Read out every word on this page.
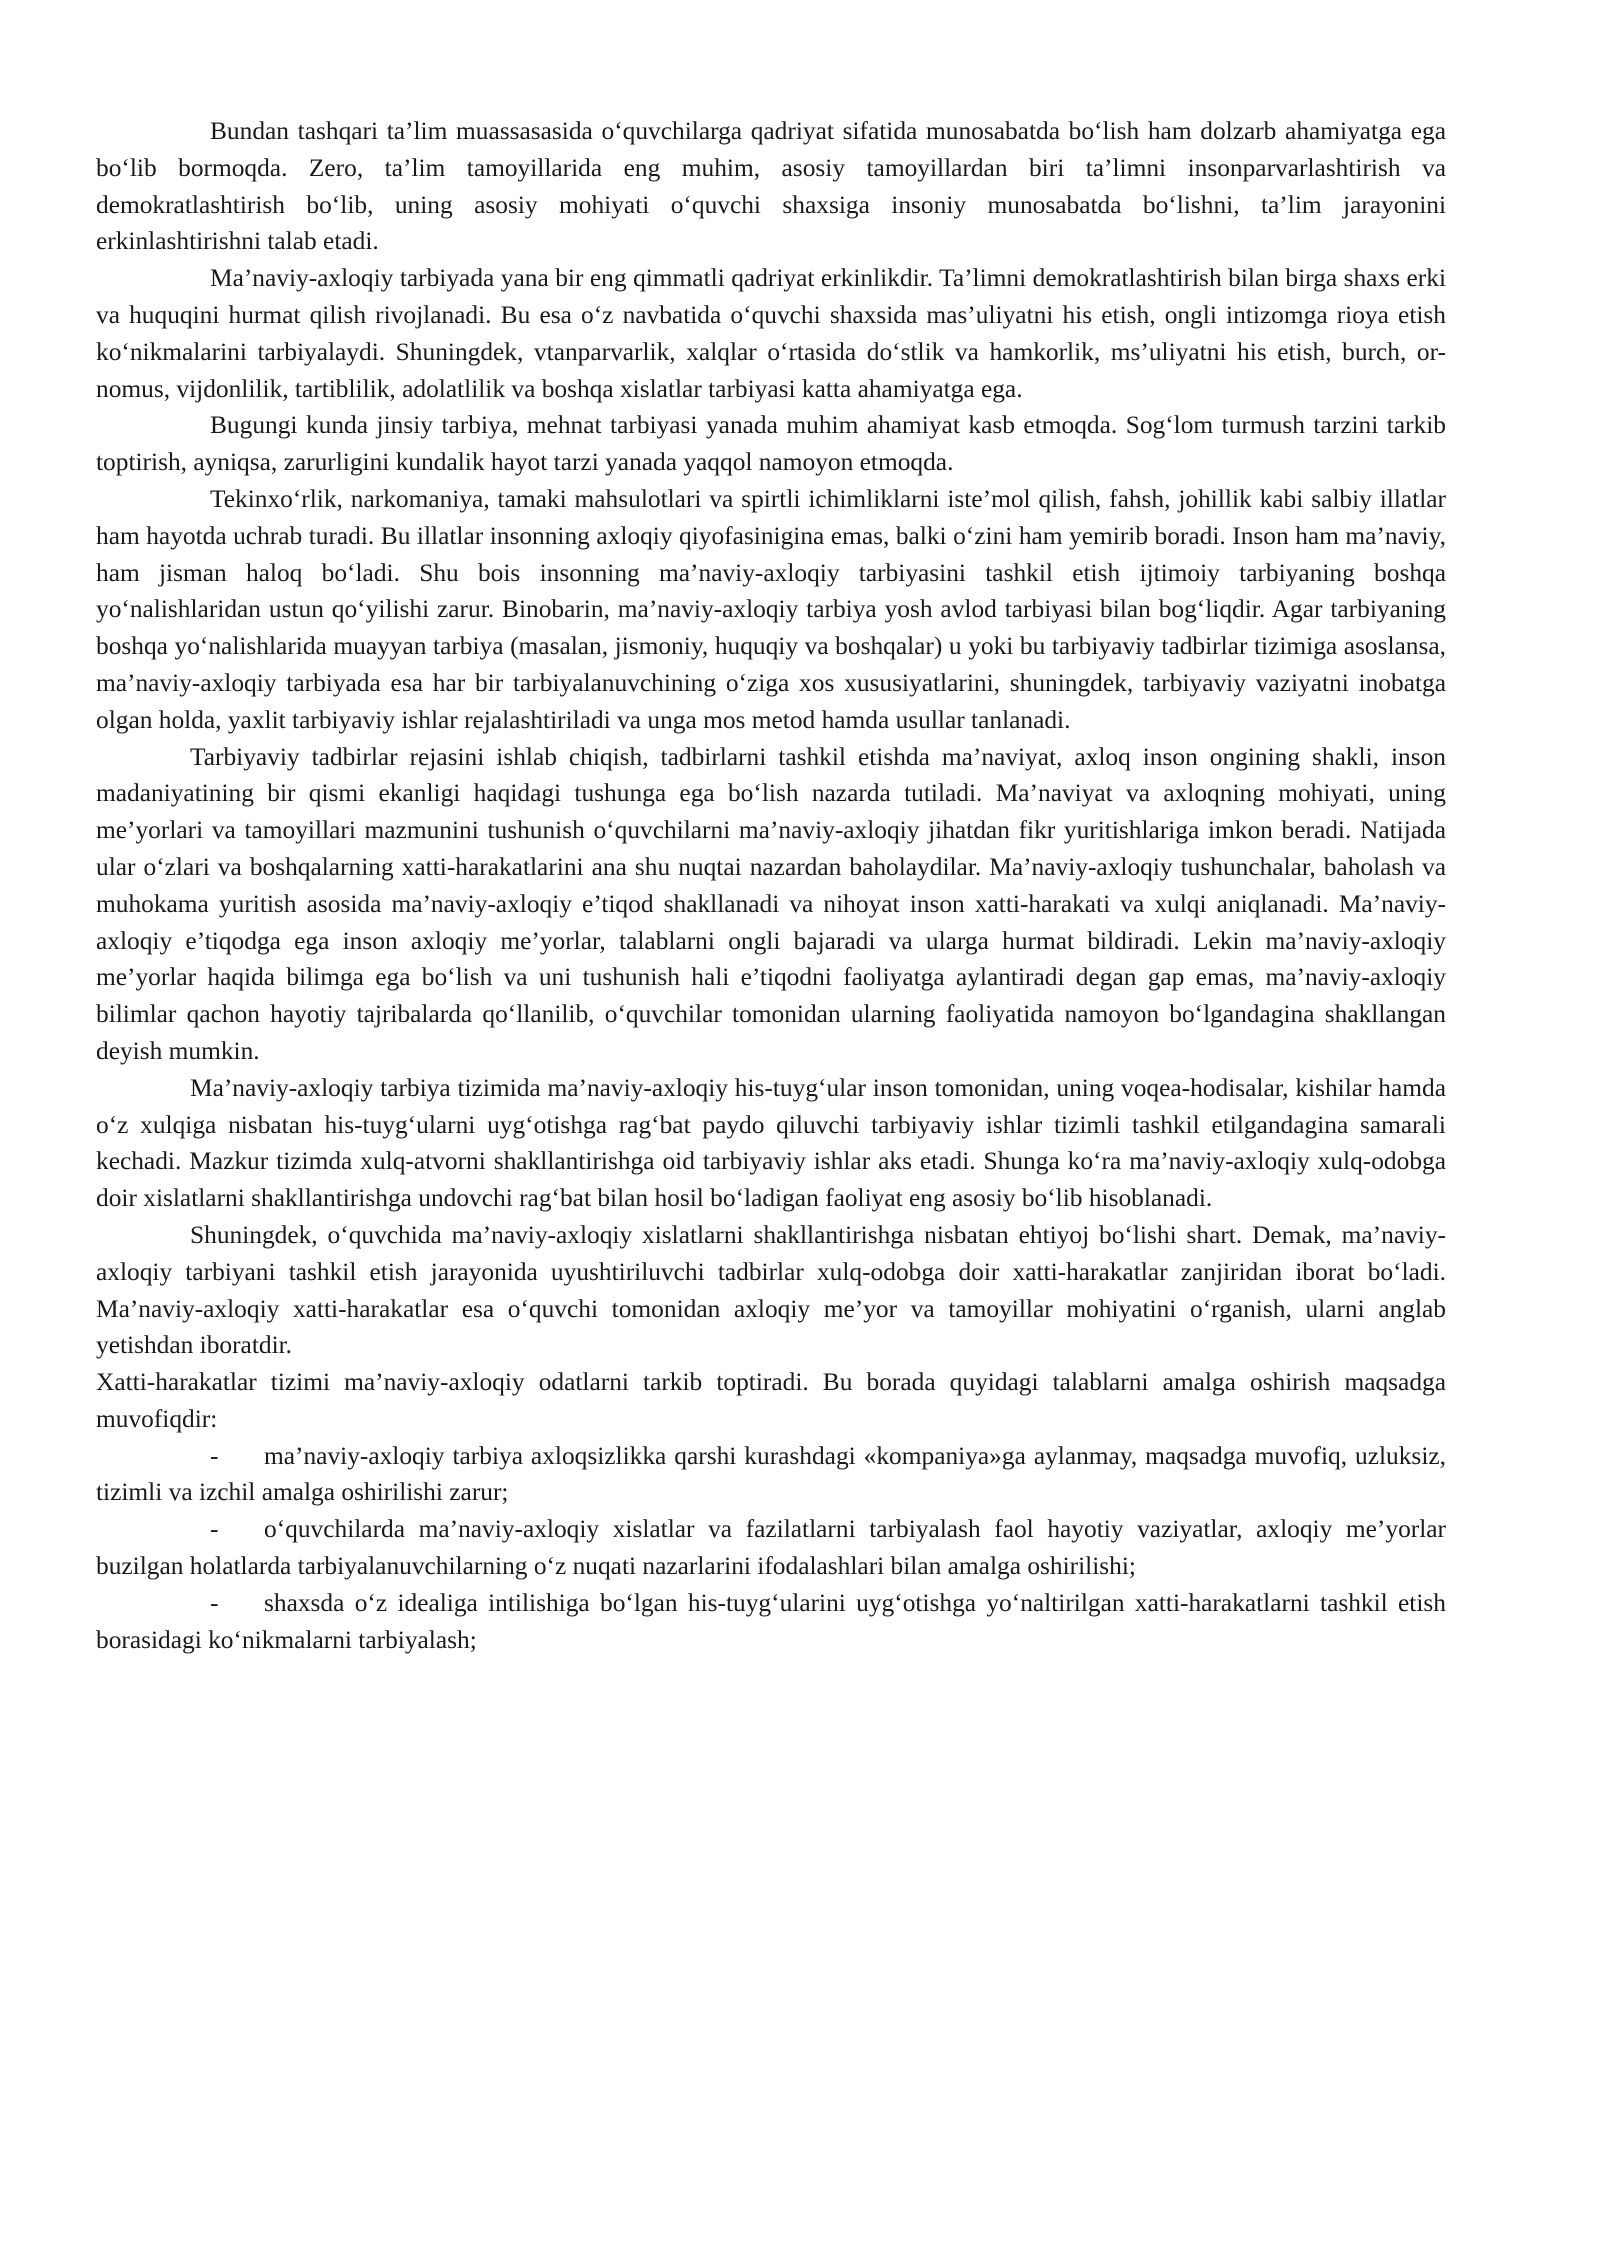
Bundan tashqari ta’lim muassasasida o‘quvchilarga qadriyat sifatida munosabatda bo‘lish ham dolzarb ahamiyatga ega bo‘lib bormoqda. Zero, ta’lim tamoyillarida eng muhim, asosiy tamoyillardan biri ta’limni insonparvarlashtirish va demokratlashtirish bo‘lib, uning asosiy mohiyati o‘quvchi shaxsiga insoniy munosabatda bo‘lishni, ta’lim jarayonini erkinlashtirishni talab etadi.

Ma’naviy-axloqiy tarbiyada yana bir eng qimmatli qadriyat erkinlikdir. Ta’limni demokratlashtirish bilan birga shaxs erki va huquqini hurmat qilish rivojlanadi. Bu esa o‘z navbatida o‘quvchi shaxsida mas’uliyatni his etish, ongli intizomga rioya etish ko‘nikmalarini tarbiyalaydi. Shuningdek, vtanparvarlik, xalqlar o‘rtasida do‘stlik va hamkorlik, ms’uliyatni his etish, burch, or-nomus, vijdonlilik, tartiblilik, adolatlilik va boshqa xislatlar tarbiyasi katta ahamiyatga ega.

Bugungi kunda jinsiy tarbiya, mehnat tarbiyasi yanada muhim ahamiyat kasb etmoqda. Sog‘lom turmush tarzini tarkib toptirish, ayniqsa, zarurligini kundalik hayot tarzi yanada yaqqol namoyon etmoqda.

Tekinxo‘rlik, narkomaniya, tamaki mahsulotlari va spirtli ichimliklarni iste’mol qilish, fahsh, johillik kabi salbiy illatlar ham hayotda uchrab turadi. Bu illatlar insonning axloqiy qiyofasinigina emas, balki o‘zini ham yemirib boradi. Inson ham ma’naviy, ham jisman haloq bo‘ladi. Shu bois insonning ma’naviy-axloqiy tarbiyasini tashkil etish ijtimoiy tarbiyaning boshqa yo‘nalishlaridan ustun qo‘yilishi zarur. Binobarin, ma’naviy-axloqiy tarbiya yosh avlod tarbiyasi bilan bog‘liqdir. Agar tarbiyaning boshqa yo‘nalishlarida muayyan tarbiya (masalan, jismoniy, huquqiy va boshqalar) u yoki bu tarbiyaviy tadbirlar tizimiga asoslansa, ma’naviy-axloqiy tarbiyada esa har bir tarbiyalanuvchining o‘ziga xos xususiyatlarini, shuningdek, tarbiyaviy vaziyatni inobatga olgan holda, yaxlit tarbiyaviy ishlar rejalashtiriladi va unga mos metod hamda usullar tanlanadi.

Tarbiyaviy tadbirlar rejasini ishlab chiqish, tadbirlarni tashkil etishda ma’naviyat, axloq inson ongining shakli, inson madaniyatining bir qismi ekanligi haqidagi tushunga ega bo‘lish nazarda tutiladi. Ma’naviyat va axloqning mohiyati, uning me’yorlari va tamoyillari mazmunini tushunish o‘quvchilarni ma’naviy-axloqiy jihatdan fikr yuritishlariga imkon beradi. Natijada ular o‘zlari va boshqalarning xatti-harakatlarini ana shu nuqtai nazardan baholaydilar. Ma’naviy-axloqiy tushunchalar, baholash va muhokama yuritish asosida ma’naviy-axloqiy e’tiqod shakllanadi va nihoyat inson xatti-harakati va xulqi aniqlanadi. Ma’naviy-axloqiy e’tiqodga ega inson axloqiy me’yorlar, talablarni ongli bajaradi va ularga hurmat bildiradi. Lekin ma’naviy-axloqiy me’yorlar haqida bilimga ega bo‘lish va uni tushunish hali e’tiqodni faoliyatga aylantiradi degan gap emas, ma’naviy-axloqiy bilimlar qachon hayotiy tajribalarda qo‘llanilib, o‘quvchilar tomonidan ularning faoliyatida namoyon bo‘lgandagina shakllangan deyish mumkin.

Ma’naviy-axloqiy tarbiya tizimida ma’naviy-axloqiy his-tuyg‘ular inson tomonidan, uning voqea-hodisalar, kishilar hamda o‘z xulqiga nisbatan his-tuyg‘ularni uyg‘otishga rag‘bat paydo qiluvchi tarbiyaviy ishlar tizimli tashkil etilgandagina samarali kechadi. Mazkur tizimda xulq-atvorni shakllantirishga oid tarbiyaviy ishlar aks etadi. Shunga ko‘ra ma’naviy-axloqiy xulq-odobga doir xislatlarni shakllantirishga undovchi rag‘bat bilan hosil bo‘ladigan faoliyat eng asosiy bo‘lib hisoblanadi.

Shuningdek, o‘quvchida ma’naviy-axloqiy xislatlarni shakllantirishga nisbatan ehtiyoj bo‘lishi shart. Demak, ma’naviy-axloqiy tarbiyani tashkil etish jarayonida uyushtiriluvchi tadbirlar xulq-odobga doir xatti-harakatlar zanjiridan iborat bo‘ladi. Ma’naviy-axloqiy xatti-harakatlar esa o‘quvchi tomonidan axloqiy me’yor va tamoyillar mohiyatini o‘rganish, ularni anglab yetishdan iboratdir.

Xatti-harakatlar tizimi ma’naviy-axloqiy odatlarni tarkib toptiradi. Bu borada quyidagi talablarni amalga oshirish maqsadga muvofiqdir:

- ma’naviy-axloqiy tarbiya axloqsizlikka qarshi kurashdagi «kompaniya»ga aylanmay, maqsadga muvofiq, uzluksiz, tizimli va izchil amalga oshirilishi zarur;

- o‘quvchilarda ma’naviy-axloqiy xislatlar va fazilatlarni tarbiyalash faol hayotiy vaziyatlar, axloqiy me’yorlar buzilgan holatlarda tarbiyalanuvchilarning o‘z nuqati nazarlarini ifodalashlari bilan amalga oshirilishi;

- shaxsda o‘z idealiga intilishiga bo‘lgan his-tuyg‘ularini uyg‘otishga yo‘naltirilgan xatti-harakatlarni tashkil etish borasidagi ko‘nikmalarni tarbiyalash;
